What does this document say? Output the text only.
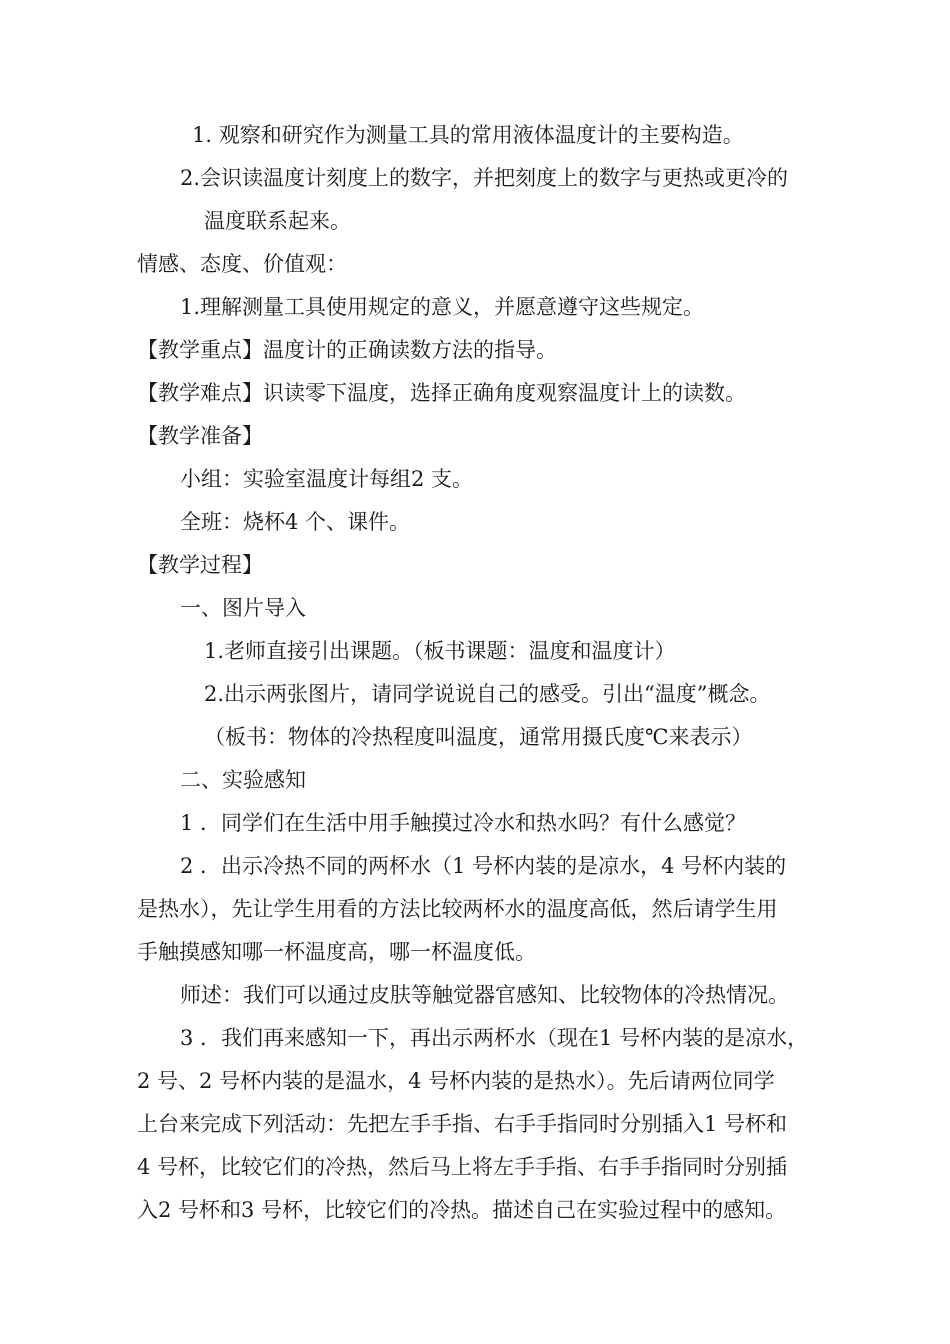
1. 观察和研究作为测量工具的常用液体温度计的主要构造。
2.会识读温度计刻度上的数字，并把刻度上的数字与更热或更冷的
温度联系起来。
情感、态度、价值观：
1.理解测量工具使用规定的意义，并愿意遵守这些规定。
【教学重点】温度计的正确读数方法的指导。
【教学难点】识读零下温度，选择正确角度观察温度计上的读数。
【教学准备】
小组：实验室温度计每组2 支。
全班：烧杯4 个、课件。
【教学过程】
一、图片导入
1.老师直接引出课题。（板书课题：温度和温度计）
2.出示两张图片，请同学说说自己的感受。引出“温度”概念。
（板书：物体的冷热程度叫温度，通常用摄氏度℃来表示）
二、实验感知
1 ．同学们在生活中用手触摸过冷水和热水吗？有什么感觉？
2 ．出示冷热不同的两杯水（1 号杯内装的是凉水，4 号杯内装的
是热水），先让学生用看的方法比较两杯水的温度高低，然后请学生用
手触摸感知哪一杯温度高，哪一杯温度低。
师述：我们可以通过皮肤等触觉器官感知、比较物体的冷热情况。
3 ．我们再来感知一下，再出示两杯水（现在1 号杯内装的是凉水，
2 号、2 号杯内装的是温水，4 号杯内装的是热水）。先后请两位同学
上台来完成下列活动：先把左手手指、右手手指同时分别插入1 号杯和
4 号杯，比较它们的冷热，然后马上将左手手指、右手手指同时分别插
入2 号杯和3 号杯，比较它们的冷热。描述自己在实验过程中的感知。
